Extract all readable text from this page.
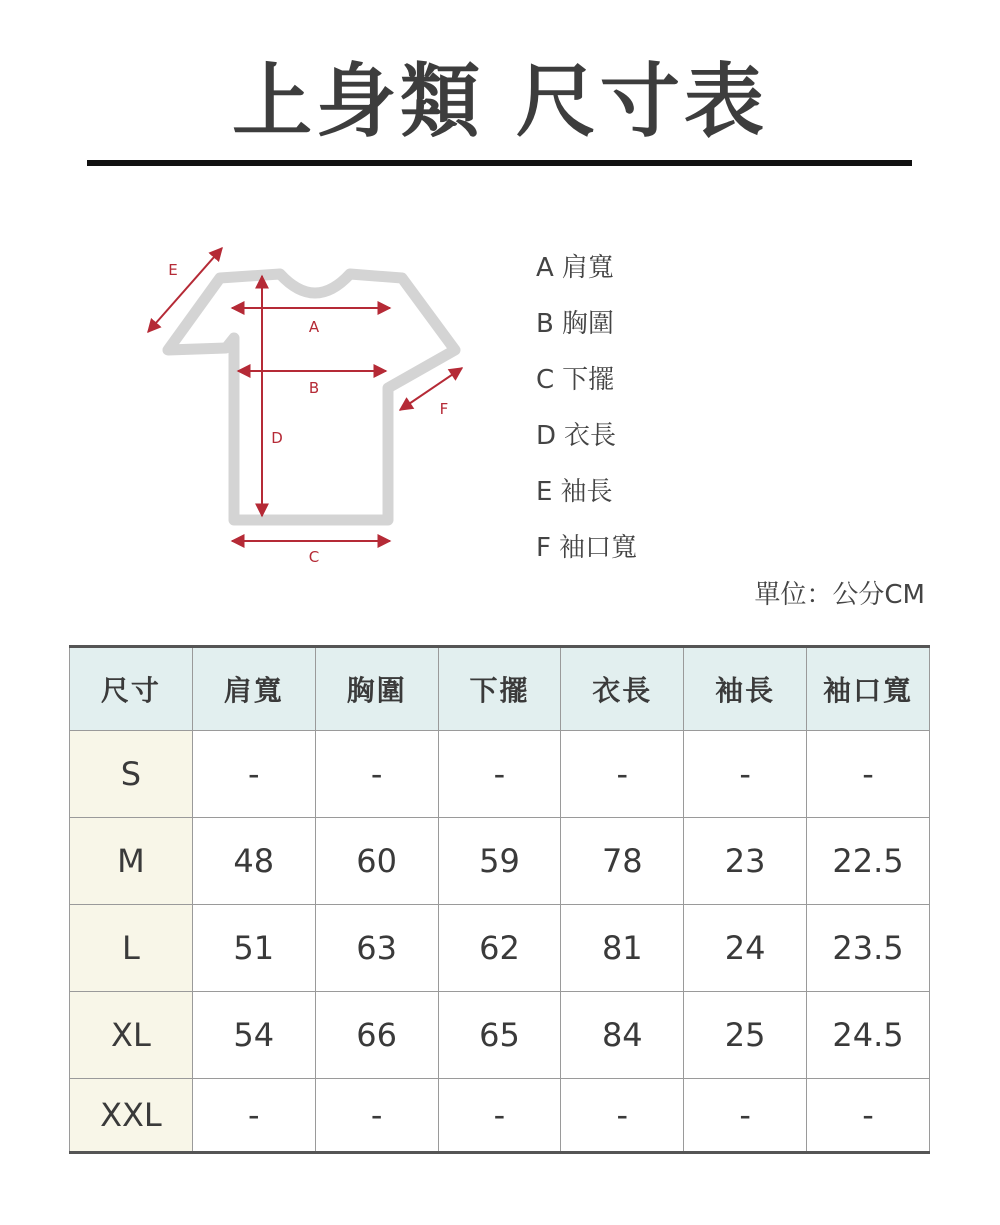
上身類 尺寸表
A
B
D
C
E
F
A 肩寬
B 胸圍
C 下擺
D 衣長
E 袖長
F 袖口寬
單位：公分CM
尺寸	肩寬	胸圍	下擺	衣長	袖長	袖口寬
S	-	-	-	-	-	-
M	48	60	59	78	23	22.5
L	51	63	62	81	24	23.5
XL	54	66	65	84	25	24.5
XXL	-	-	-	-	-	-
